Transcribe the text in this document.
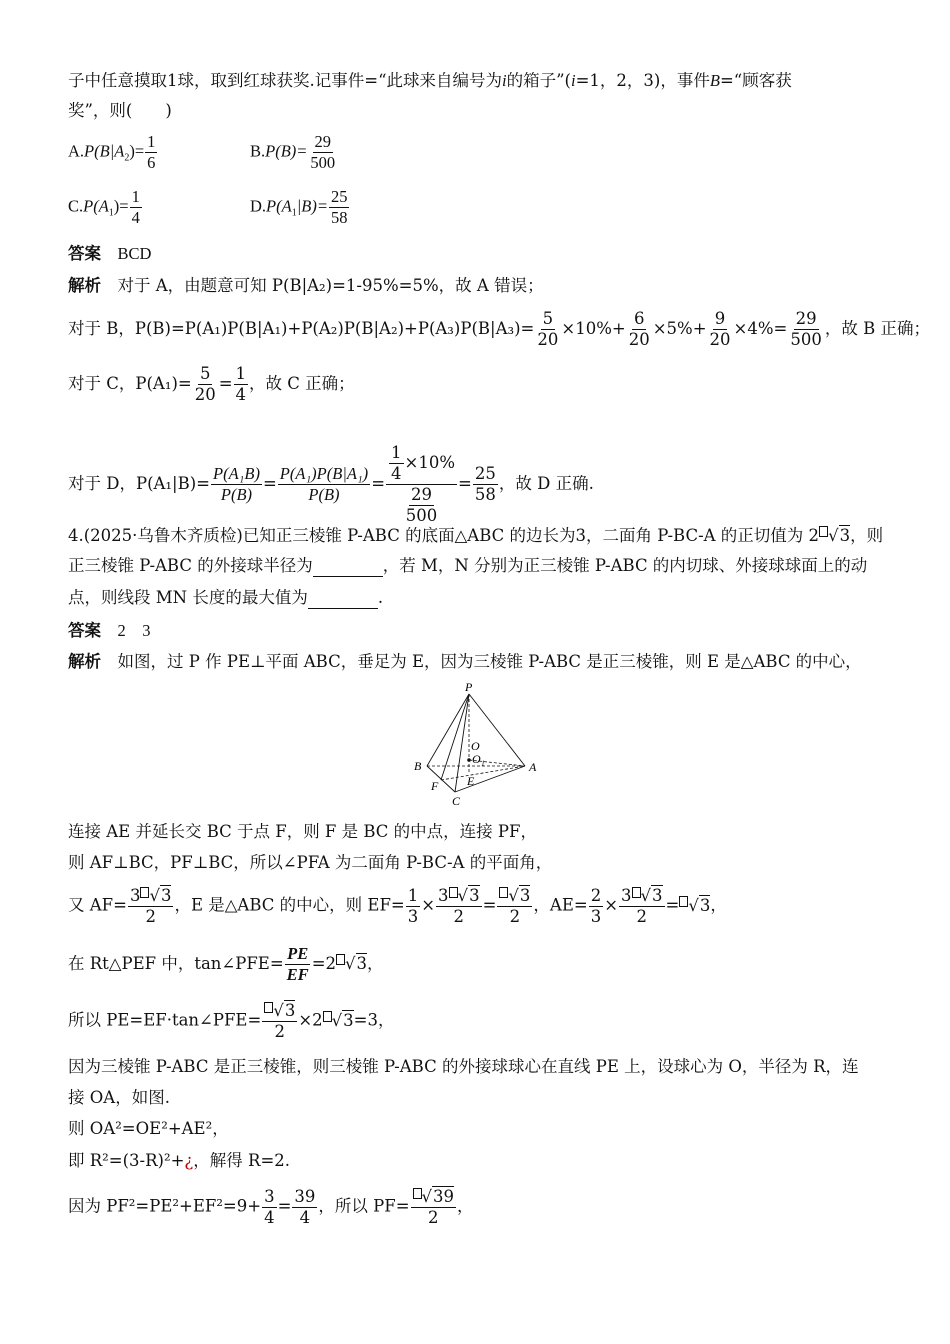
子中任意摸取1球，取到红球获奖.记事件=“此球来自编号为i的箱子”(i=1，2，3)，事件B=“顾客获
奖”，则(　　)
$A.P(B|A_2)= \frac{1}{6}$	$B.P(B)= \frac{29}{500}$
$C.P(A_1)= \frac{1}{4}$	$D.P(A_1|B)= \frac{25}{58}$
答案　 BCD
解析　 对于 A，由题意可知 P(B|A₂)=1-95%=5%，故 A 错误；
对于 B，$P(B)=P(A_1)P(B|A_1)+P(A_2)P(B|A_2)+P(A_3)P(B|A_3)= \frac{5}{20} \times 10\%+ \frac{6}{20} \times 5\%+ \frac{9}{20} \times 4\%= \frac{29}{500}$ ，故 B 正确；
对于 C，$P(A_1)= \frac{5}{20} = \frac{1}{4}$ ，故 C 正确；
对于 D，$P(A_1|B)= \frac{\text{P(A₁B)}}{P(B)} = \frac{\text{P(A₁)P(B|A₁)}}{P(B)} = \frac{\frac{1}{4} \times 10\%}{\frac{29}{500}} = \frac{25}{58}$ ，故 D 正确.
4.(2025·乌鲁木齐质检)已知正三棱锥 P-ABC 的底面△ABC 的边长为3，二面角 P-BC-A 的正切值为 2 √3，则
正三棱锥 P-ABC 的外接球半径为	，若 M，N 分别为正三棱锥 P-ABC 的内切球、外接球球面上的动
点，则线段 MN 长度的最大值为	.
答案　 2　3
解析　 如图，过 P 作 PE⊥平面 ABC，垂足为 E，因为三棱锥 P-ABC 是正三棱锥，则 E 是△ABC 的中心，
P
O
O₁
B	A
E
F
C
连接 AE 并延长交 BC 于点 F，则 F 是 BC 的中点，连接 PF，
则 AF⊥BC，PF⊥BC，所以∠PFA 为二面角 P-BC-A 的平面角，
又 $AF= \frac{3 √3}{2}$ ，E 是△ABC 的中心，则 $EF= \frac{1}{3} \times \frac{3 √3}{2} = \frac{√3}{2}$ ，$AE= \frac{2}{3} \times \frac{3 √3}{2} = √3$，
在 Rt△PEF 中，tan∠PFE= $\frac{PE}{EF} =2$ √3，
所以 PE=EF·tan∠PFE= $\frac{√3}{2} \times 2$ √3=3，
因为三棱锥 P-ABC 是正三棱锥，则三棱锥 P-ABC 的外接球球心在直线 PE 上，设球心为 O，半径为 R，连
接 OA，如图.
则 OA²=OE²+AE²，
即 R²=(3-R)²+¿，解得 R=2.
因为 $PF^2=PE^2+EF^2=9+ \frac{3}{4} = \frac{39}{4}$ ，所以 $PF= \frac{√39}{2}$ ，
